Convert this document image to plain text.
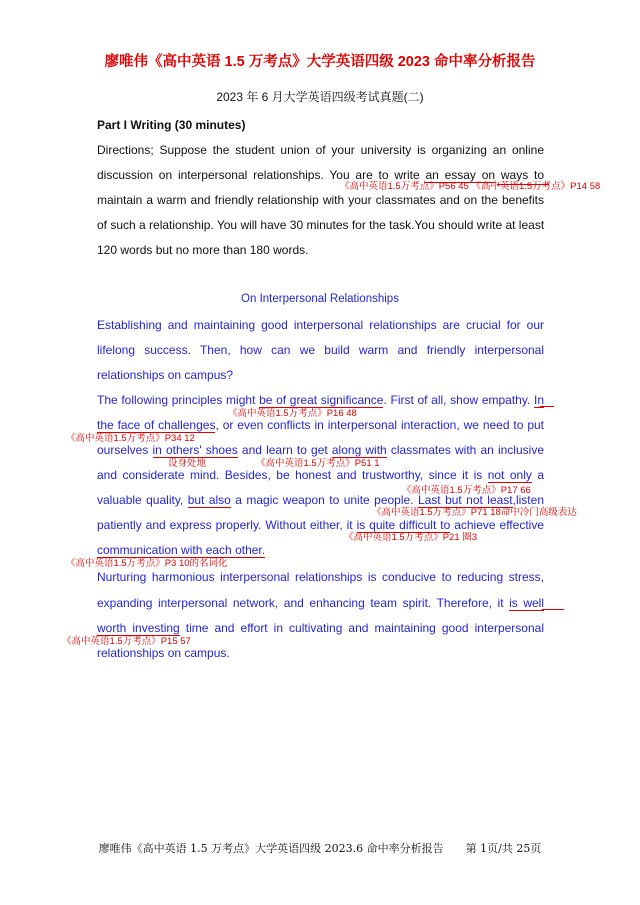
廖唯伟《高中英语 1.5 万考点》大学英语四级 2023 命中率分析报告
2023 年 6 月大学英语四级考试真题(二)
Part I Writing (30 minutes)
Directions; Suppose the student union of your university is organizing an online
discussion on interpersonal relationships. You are to write an essay on ways to
《高中英语1.5万考点》P56 45 《高中英语1.5万考点》P14 58
maintain a warm and friendly relationship with your classmates and on the benefits
of such a relationship. You will have 30 minutes for the task.You should write at least
120 words but no more than 180 words.
On Interpersonal Relationships
Establishing and maintaining good interpersonal relationships are crucial for our
lifelong success. Then, how can we build warm and friendly interpersonal
relationships on campus?
The following principles might be of great significance. First of all, show empathy. In
《高中英语1.5万考点》P16 48
the face of challenges, or even conflicts in interpersonal interaction, we need to put
《高中英语1.5万考点》P34 12
ourselves in others' shoes and learn to get along with classmates with an inclusive
设身处地	《高中英语1.5万考点》P51 1
and considerate mind. Besides, be honest and trustworthy, since it is not only a
《高中英语1.5万考点》P17 66
valuable quality, but also a magic weapon to unite people. Last but not least,listen
《高中英语1.5万考点》P71 18命中冷门高级表达
patiently and express properly. Without either, it is quite difficult to achieve effective
《高中英语1.5万考点》P21 圈3
communication with each other.
《高中英语1.5万考点》P3 10的名词化
Nurturing harmonious interpersonal relationships is conducive to reducing stress,
expanding interpersonal network, and enhancing team spirit. Therefore, it is well
worth investing time and effort in cultivating and maintaining good interpersonal
《高中英语1.5万考点》P15 57
relationships on campus.
廖唯伟《高中英语 1.5 万考点》大学英语四级 2023.6 命中率分析报告 第 1页/共 25页
